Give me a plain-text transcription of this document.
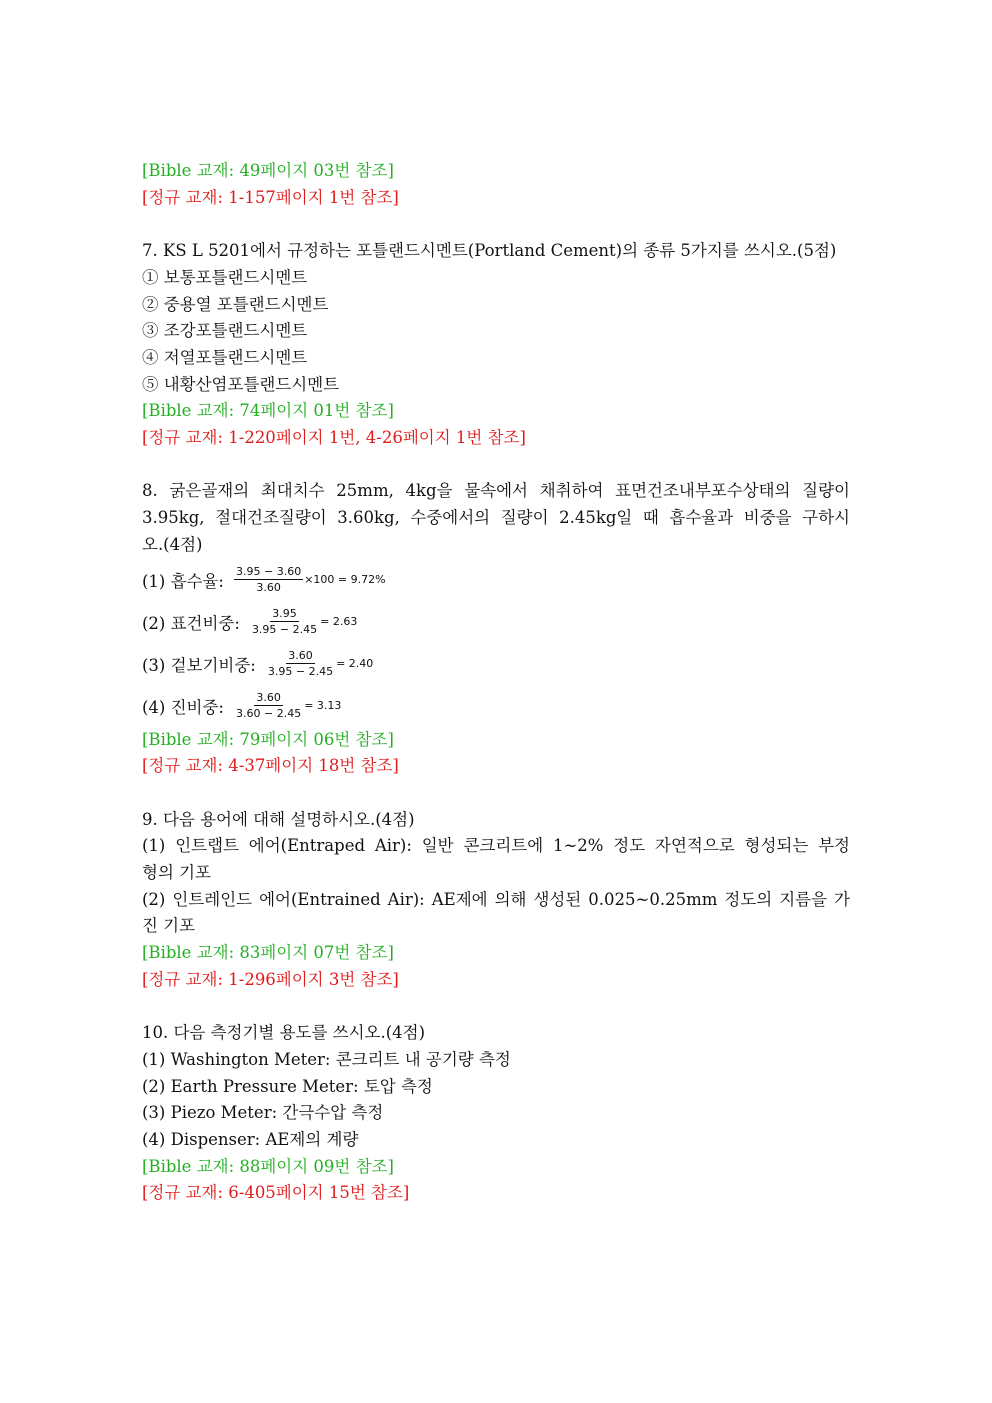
[Bible 교재: 49페이지 03번 참조]
[정규 교재: 1-157페이지 1번 참조]
7. KS L 5201에서 규정하는 포틀랜드시멘트(Portland Cement)의 종류 5가지를 쓰시오.(5점)
① 보통포틀랜드시멘트
② 중용열 포틀랜드시멘트
③ 조강포틀랜드시멘트
④ 저열포틀랜드시멘트
⑤ 내황산염포틀랜드시멘트
[Bible 교재: 74페이지 01번 참조]
[정규 교재: 1-220페이지 1번, 4-26페이지 1번 참조]
8. 굵은골재의 최대치수 25mm, 4kg을 물속에서 채취하여 표면건조내부포수상태의 질량이
3.95kg, 절대건조질량이 3.60kg, 수중에서의 질량이 2.45kg일 때 흡수율과 비중을 구하시
오.(4점)
(1) 흡수율: $\frac{3.95 - 3.60}{3.60} \times 100 = 9.72\%$
(2) 표건비중: $\frac{3.95}{3.95 - 2.45} = 2.63$
(3) 겉보기비중: $\frac{3.60}{3.95 - 2.45} = 2.40$
(4) 진비중: $\frac{3.60}{3.60 - 2.45} = 3.13$
[Bible 교재: 79페이지 06번 참조]
[정규 교재: 4-37페이지 18번 참조]
9. 다음 용어에 대해 설명하시오.(4점)
(1) 인트랩트 에어(Entraped Air): 일반 콘크리트에 1∼2% 정도 자연적으로 형성되는 부정
형의 기포
(2) 인트레인드 에어(Entrained Air): AE제에 의해 생성된 0.025~0.25mm 정도의 지름을 가
진 기포
[Bible 교재: 83페이지 07번 참조]
[정규 교재: 1-296페이지 3번 참조]
10. 다음 측정기별 용도를 쓰시오.(4점)
(1) Washington Meter: 콘크리트 내 공기량 측정
(2) Earth Pressure Meter: 토압 측정
(3) Piezo Meter: 간극수압 측정
(4) Dispenser: AE제의 계량
[Bible 교재: 88페이지 09번 참조]
[정규 교재: 6-405페이지 15번 참조]
